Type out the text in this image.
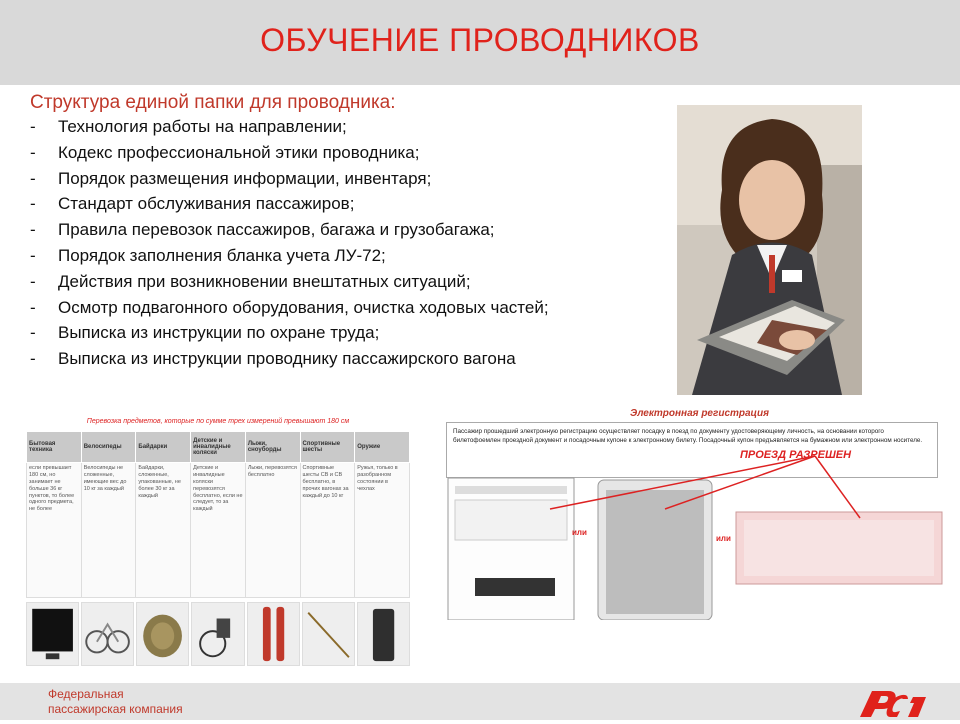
ОБУЧЕНИЕ ПРОВОДНИКОВ
Структура единой папки для проводника:
- Технология работы на направлении;
- Кодекс профессиональной этики проводника;
- Порядок размещения информации, инвентаря;
- Стандарт обслуживания пассажиров;
- Правила перевозок пассажиров, багажа и грузобагажа;
- Порядок заполнения бланка учета ЛУ-72;
- Действия при возникновении внештатных ситуаций;
- Осмотр подвагонного оборудования, очистка ходовых частей;
- Выписка из инструкции по охране труда;
- Выписка из инструкции проводнику пассажирского вагона
Перевозка предметов, которые по сумме трех измерений превышают 180 см
Бытовая техника	Велосипеды	Байдарки	Детские и инвалидные коляски	Лыжи, сноуборды	Спортивные шесты	Оружие
если превышает 180 см, но занимает не больше 36 кг пунктов, то более одного предмета, не более	Велосипеды не сложенные, имеющие вес до 10 кг за каждый	Байдарки, сложенные, упакованные, не более 30 кг за каждый	Детские и инвалидные коляски перевозятся бесплатно, если не следует, то за каждый	Лыжи, перевозятся бесплатно	Спортивные шесты СВ и СВ бесплатно, в прочих вагонах за каждый до 10 кг	Ружья, только в разобранном состоянии в чехлах
Электронная регистрация
Пассажир прошедший электронную регистрацию осуществляет посадку в поезд по документу удостоверяющему личность, на основании которого билетофоемлен проездной документ и посадочным купоне к электронному билету. Посадочный купон предъявляется на бумажном или электронном носителе.
ПРОЕЗД РАЗРЕШЕН
или
или
Федеральная
пассажирская компания
